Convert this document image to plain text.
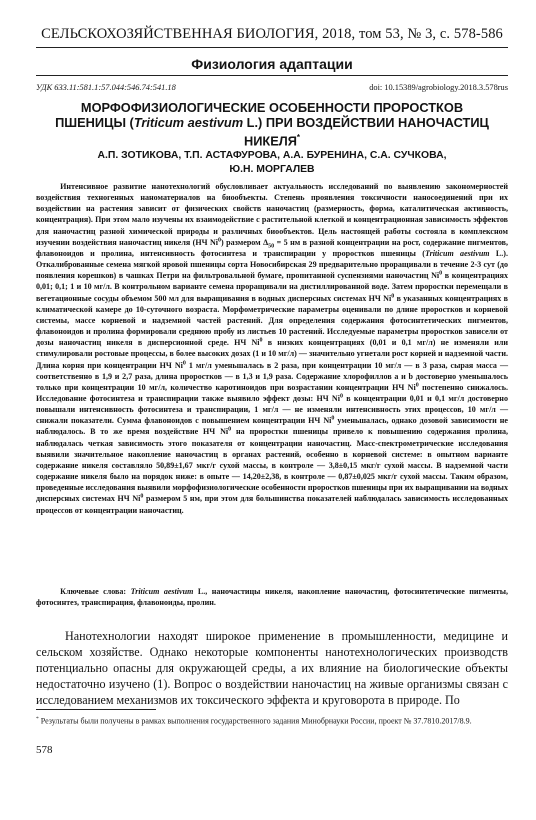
СЕЛЬСКОХОЗЯЙСТВЕННАЯ БИОЛОГИЯ, 2018, том 53, № 3, с. 578-586
Физиология адаптации
УДК 633.11:581.1:57.044:546.74:541.18	doi: 10.15389/agrobiology.2018.3.578rus
МОРФОФИЗИОЛОГИЧЕСКИЕ ОСОБЕННОСТИ ПРОРОСТКОВ ПШЕНИЦЫ (Triticum aestivum L.) ПРИ ВОЗДЕЙСТВИИ НАНОЧАСТИЦ НИКЕЛЯ*
А.П. ЗОТИКОВА, Т.П. АСТАФУРОВА, А.А. БУРЕНИНА, С.А. СУЧКОВА,
Ю.Н. МОРГАЛЕВ

Интенсивное развитие нанотехнологий обусловливает актуальность исследований по выявлению закономерностей воздействия техногенных наноматериалов на биообъекты. Степень проявления токсичности наносоединений при их воздействии на растения зависит от физических свойств наночастиц (размерность, форма, каталитическая активность, концентрация). При этом мало изучены их взаимодействие с растительной клеткой и концентрационная зависимость эффектов для наночастиц разной химической природы и различных биообъектов. Цель настоящей работы состояла в комплексном изучении воздействия наночастиц никеля (НЧ Ni$^0$) размером $\Delta_{50} = 5$ нм в разной концентрации на рост, содержание пигментов, флавоноидов и пролина, интенсивность фотосинтеза и транспирации у проростков пшеницы (Triticum aestivum L.). Откалиброванные семена мягкой яровой пшеницы сорта Новосибирская 29 предварительно проращивали в течение 2-3 сут (до появления корешков) в чашках Петри на фильтровальной бумаге, пропитанной суспензиями наночастиц Ni$^0$ в концентрациях 0,01; 0,1; 1 и 10 мг/л. В контрольном варианте семена проращивали на дистиллированной воде. Затем проростки перемещали в вегетационные сосуды объемом 500 мл для выращивания в водных дисперсных системах НЧ Ni$^0$ в указанных концентрациях в климатической камере до 10-суточного возраста. Морфометрические параметры оценивали по длине проростков и корневой системы, массе корневой и надземной частей растений. Для определения содержания фотосинтетических пигментов, флавоноидов и пролина формировали среднюю пробу из листьев 10 растений. Исследуемые параметры проростков зависели от дозы наночастиц никеля в дисперсионной среде. НЧ Ni$^0$ в низких концентрациях (0,01 и 0,1 мг/л) не изменяли или стимулировали ростовые процессы, в более высоких дозах (1 и 10 мг/л) — значительно угнетали рост корней и надземной части. Длина корня при концентрации НЧ Ni$^0$ 1 мг/л уменьшалась в 2 раза, при концентрации 10 мг/л — в 3 раза, сырая масса — соответственно в 1,9 и 2,7 раза, длина проростков — в 1,3 и 1,9 раза. Содержание хлорофиллов a и b достоверно уменьшалось только при концентрации 10 мг/л, количество каротиноидов при возрастании концентрации НЧ Ni$^0$ постепенно снижалось. Исследование фотосинтеза и транспирации также выявило эффект дозы: НЧ Ni$^0$ в концентрации 0,01 и 0,1 мг/л достоверно повышали интенсивность фотосинтеза и транспирации, 1 мг/л — не изменяли интенсивность этих процессов, 10 мг/л — снижали показатели. Сумма флавоноидов с повышением концентрации НЧ Ni$^0$ уменьшалась, однако дозовой зависимости не наблюдалось. В то же время воздействие НЧ Ni$^0$ на проростки пшеницы привело к повышению содержания пролина, наблюдалась четкая зависимость этого показателя от концентрации наночастиц. Масс-спектрометрические исследования выявили значительное накопление наночастиц в органах растений, особенно в корневой системе: в опытном варианте содержание никеля составляло 50,89±1,67 мкг/г сухой массы, в контроле — 3,8±0,15 мкг/г сухой массы. В надземной части содержание никеля было на порядок ниже: в опыте — 14,20±2,38, в контроле — 0,87±0,025 мкг/г сухой массы. Таким образом, проведенные исследования выявили морфофизиологические особенности проростков пшеницы при их выращивании на водных дисперсных системах НЧ Ni$^0$ размером 5 нм, при этом для большинства показателей наблюдалась зависимость исследованных процессов от концентрации наночастиц.

Ключевые слова: Triticum aestivum L., наночастицы никеля, накопление наночастиц, фотосинтетические пигменты, фотосинтез, транспирация, флавоноиды, пролин.

Нанотехнологии находят широкое применение в промышленности, медицине и сельском хозяйстве. Однако некоторые компоненты нанотехнологических производств потенциально опасны для окружающей среды, а их влияние на биологические объекты недостаточно изучено (1). Вопрос о воздействии наночастиц на живые организмы связан с исследованием механизмов их токсического эффекта и круговорота в природе. По

* Результаты были получены в рамках выполнения государственного задания Минобрнауки России, проект № 37.7810.2017/8.9.

578
